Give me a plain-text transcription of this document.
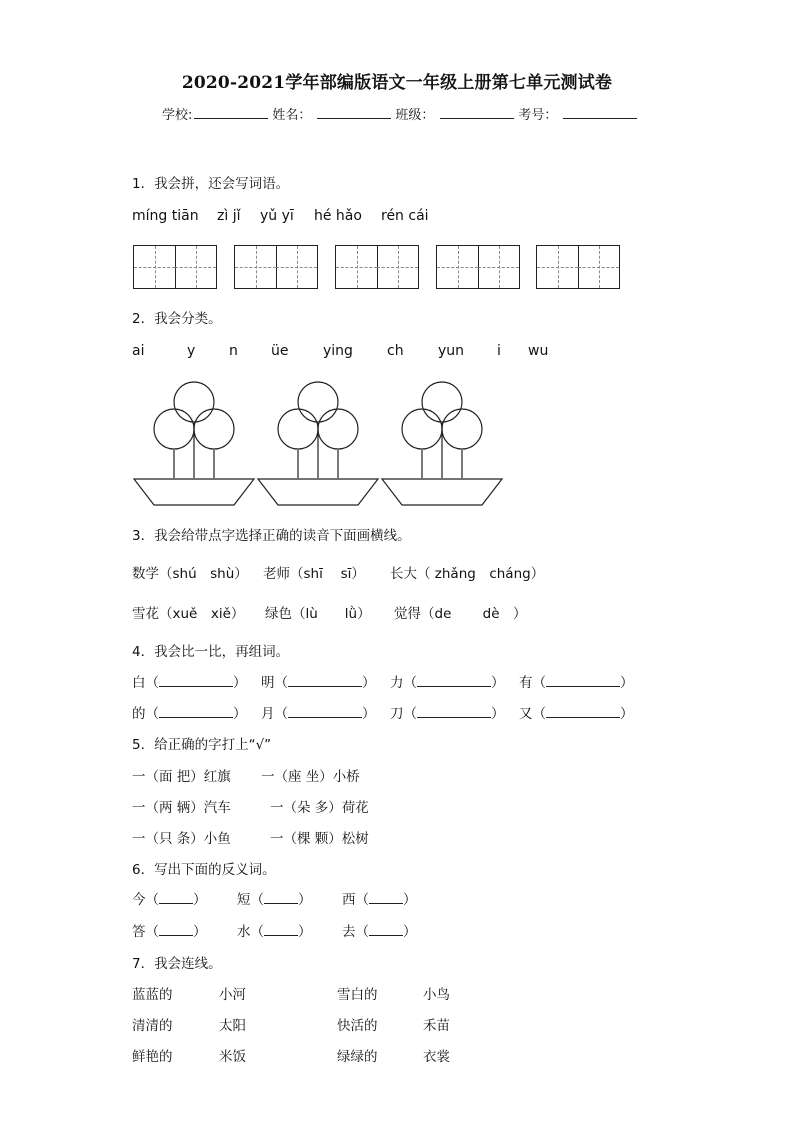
2020-2021学年部编版语文一年级上册第七单元测试卷
学校:	姓名：	班级：	考号：
1．我会拼，还会写词语。
míng tiān zì jǐ yǔ yī hé hǎo rén cái
2．我会分类。
ai	y n üe ying ch yun i wu
3．我会给带点字选择正确的读音下面画横线。
数学（shú　shù） 老师（shī　 sī） 长大（ zhǎng　cháng）
雪花（xuě　xiě） 绿色（lù　　lǜ） 觉得（de　　 dè　）
4．我会比一比，再组词。
白（	） 明（	） 力（	） 有（	）
的（	） 月（	） 刀（	） 又（	）
5．给正确的字打上“√”
一（面 把）红旗 一（座 坐）小桥
一（两 辆）汽车	一（朵 多）荷花
一（只 条）小鱼	一（棵 颗）松树
6．写出下面的反义词。
今（	） 短（	） 西（	）
答（	） 水（	） 去（	）
7．我会连线。
蓝蓝的	小河	雪白的	小鸟
清清的	太阳	快活的	禾苗
鲜艳的	米饭	绿绿的	衣裳
